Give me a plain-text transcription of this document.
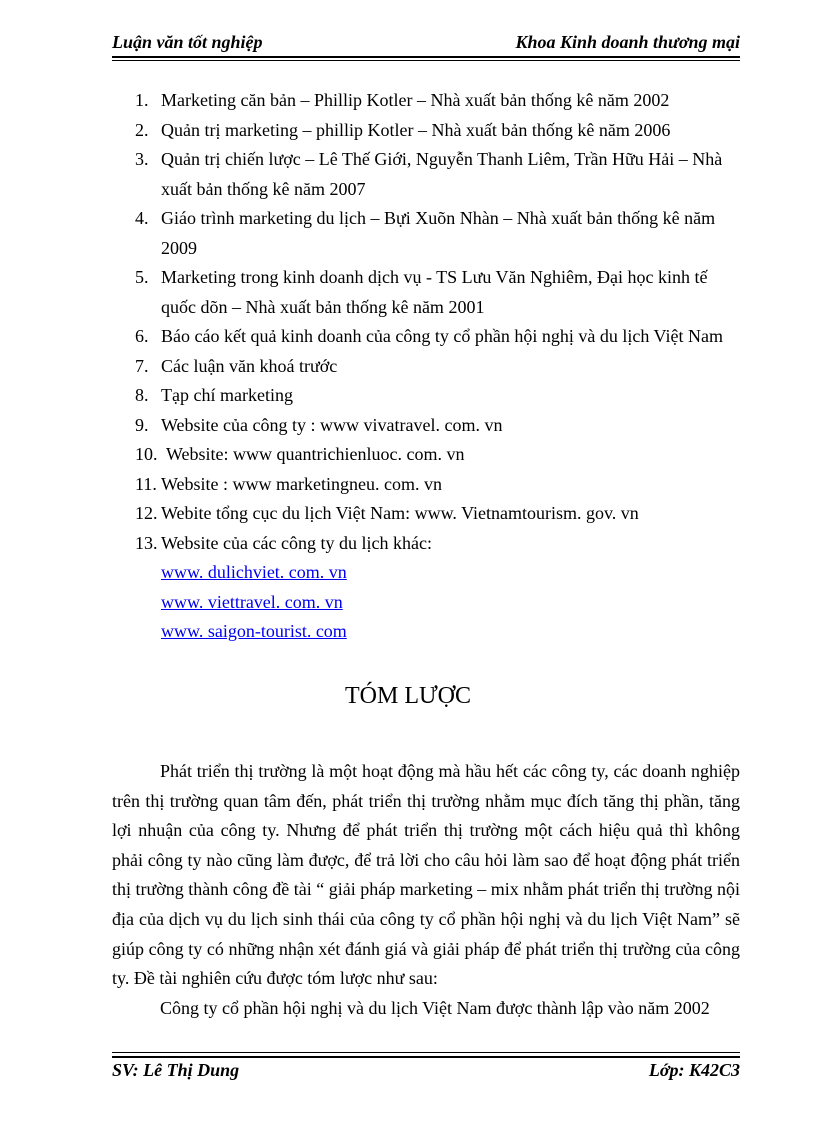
Luận văn tốt nghiệp	Khoa Kinh doanh thương mại
1. Marketing căn bản – Phillip Kotler – Nhà xuất bản thống kê năm 2002
2. Quản trị marketing – phillip Kotler – Nhà xuất bản thống kê năm 2006
3. Quản trị chiến lược – Lê Thế Giới, Nguyễn Thanh Liêm, Trần Hữu Hải – Nhà xuất bản thống kê năm 2007
4. Giáo trình marketing du lịch – Bựi Xuõn Nhàn – Nhà xuất bản thống kê năm 2009
5. Marketing trong kinh doanh dịch vụ - TS Lưu Văn Nghiêm, Đại học kinh tế quốc dõn – Nhà xuất bản thống kê năm 2001
6. Báo cáo kết quả kinh doanh của công ty cổ phần hội nghị và du lịch Việt Nam
7. Các luận văn khoá trước
8. Tạp chí marketing
9. Website của công ty : www vivatravel. com. vn
10. Website: www quantrichienluoc. com. vn
11. Website : www marketingneu. com. vn
12. Webite tổng cục du lịch Việt Nam: www. Vietnamtourism. gov. vn
13. Website của các công ty du lịch khác:
www. dulichviet. com. vn
www. viettravel. com. vn
www. saigon-tourist. com
TÓM LƯỢC

Phát triển thị trường là một hoạt động mà hầu hết các công ty, các doanh nghiệp trên thị trường quan tâm đến, phát triển thị trường nhằm mục đích tăng thị phần, tăng lợi nhuận của công ty. Nhưng để phát triển thị trường một cách hiệu quả thì không phải công ty nào cũng làm được, để trả lời cho câu hỏi làm sao để hoạt động phát triển thị trường thành công đề tài “ giải pháp marketing – mix nhằm phát triển thị trường nội địa của dịch vụ du lịch sinh thái của công ty cổ phần hội nghị và du lịch Việt Nam” sẽ giúp công ty có những nhận xét đánh giá và giải pháp để phát triển thị trường của công ty. Đề tài nghiên cứu được tóm lược như sau:

Công ty cổ phần hội nghị và du lịch Việt Nam được thành lập vào năm 2002

SV: Lê Thị Dung	Lớp: K42C3
